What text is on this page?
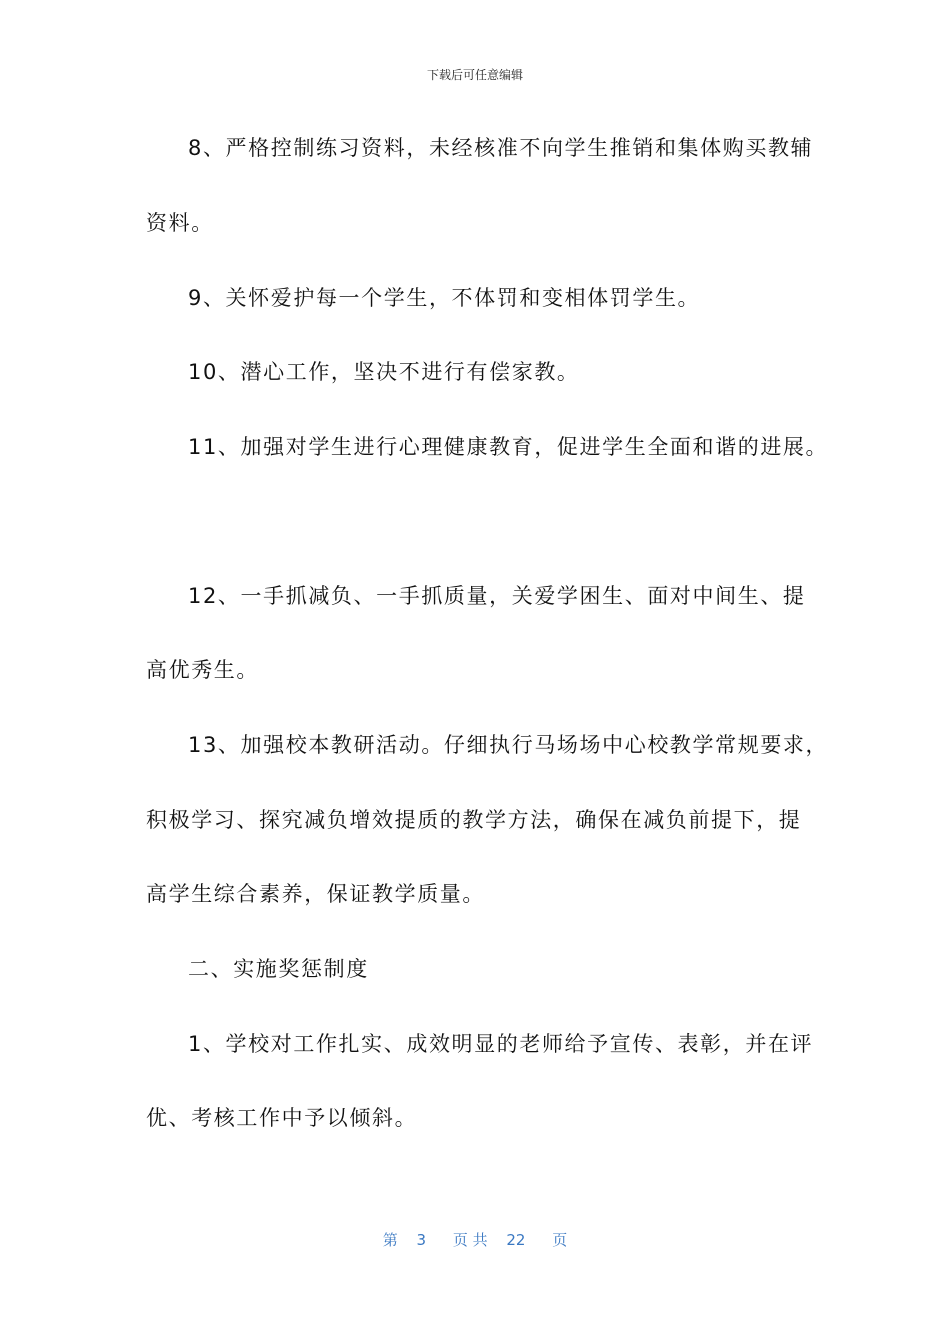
下载后可任意编辑
8、严格控制练习资料，未经核准不向学生推销和集体购买教辅
资料。
9、关怀爱护每一个学生，不体罚和变相体罚学生。
10、潜心工作，坚决不进行有偿家教。
11、加强对学生进行心理健康教育，促进学生全面和谐的进展。
12、一手抓减负、一手抓质量，关爱学困生、面对中间生、提
高优秀生。
13、加强校本教研活动。仔细执行马场场中心校教学常规要求，
积极学习、探究减负增效提质的教学方法，确保在减负前提下，提
高学生综合素养，保证教学质量。
二、实施奖惩制度
1、学校对工作扎实、成效明显的老师给予宣传、表彰，并在评
优、考核工作中予以倾斜。
第 3 页 共 22 页
